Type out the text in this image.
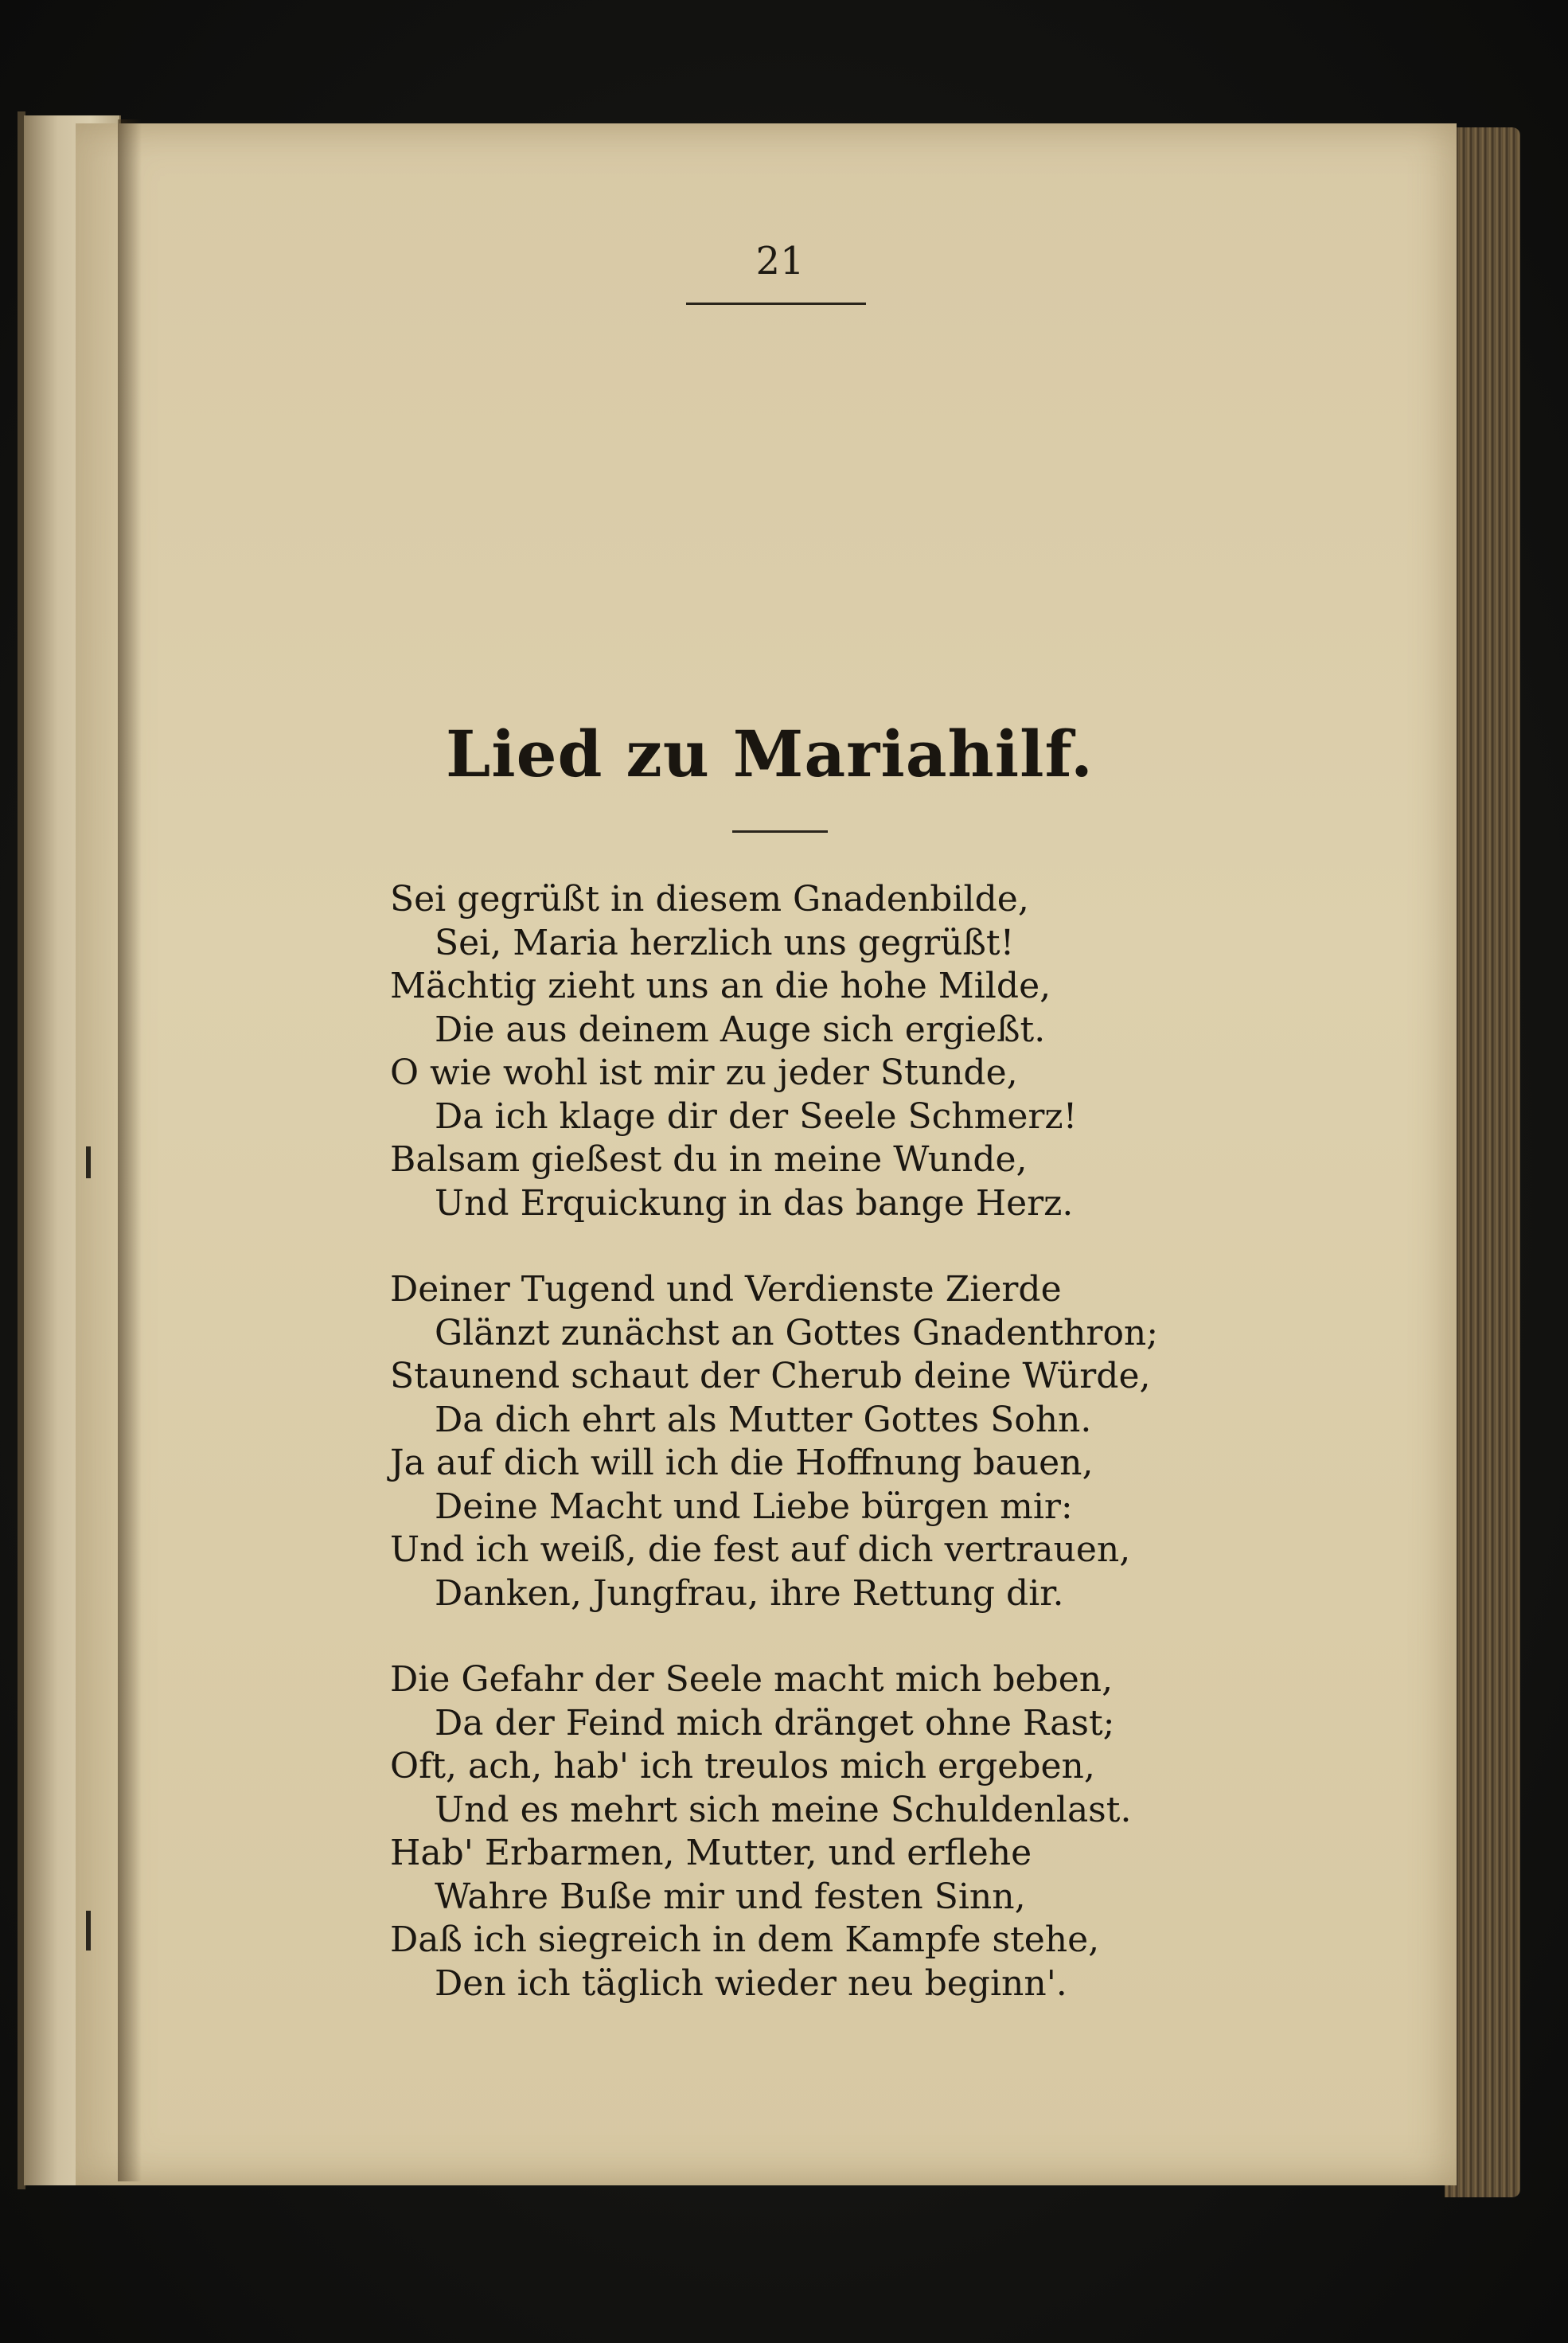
21
Lied zu Mariahilf.
Sei gegrüßt in diesem Gnadenbilde,
Sei, Maria herzlich uns gegrüßt!
Mächtig zieht uns an die hohe Milde,
Die aus deinem Auge sich ergießt.
O wie wohl ist mir zu jeder Stunde,
Da ich klage dir der Seele Schmerz!
Balsam gießest du in meine Wunde,
Und Erquickung in das bange Herz.
Deiner Tugend und Verdienste Zierde
Glänzt zunächst an Gottes Gnadenthron;
Staunend schaut der Cherub deine Würde,
Da dich ehrt als Mutter Gottes Sohn.
Ja auf dich will ich die Hoffnung bauen,
Deine Macht und Liebe bürgen mir:
Und ich weiß, die fest auf dich vertrauen,
Danken, Jungfrau, ihre Rettung dir.
Die Gefahr der Seele macht mich beben,
Da der Feind mich dränget ohne Rast;
Oft, ach, hab' ich treulos mich ergeben,
Und es mehrt sich meine Schuldenlast.
Hab' Erbarmen, Mutter, und erflehe
Wahre Buße mir und festen Sinn,
Daß ich siegreich in dem Kampfe stehe,
Den ich täglich wieder neu beginn'.
